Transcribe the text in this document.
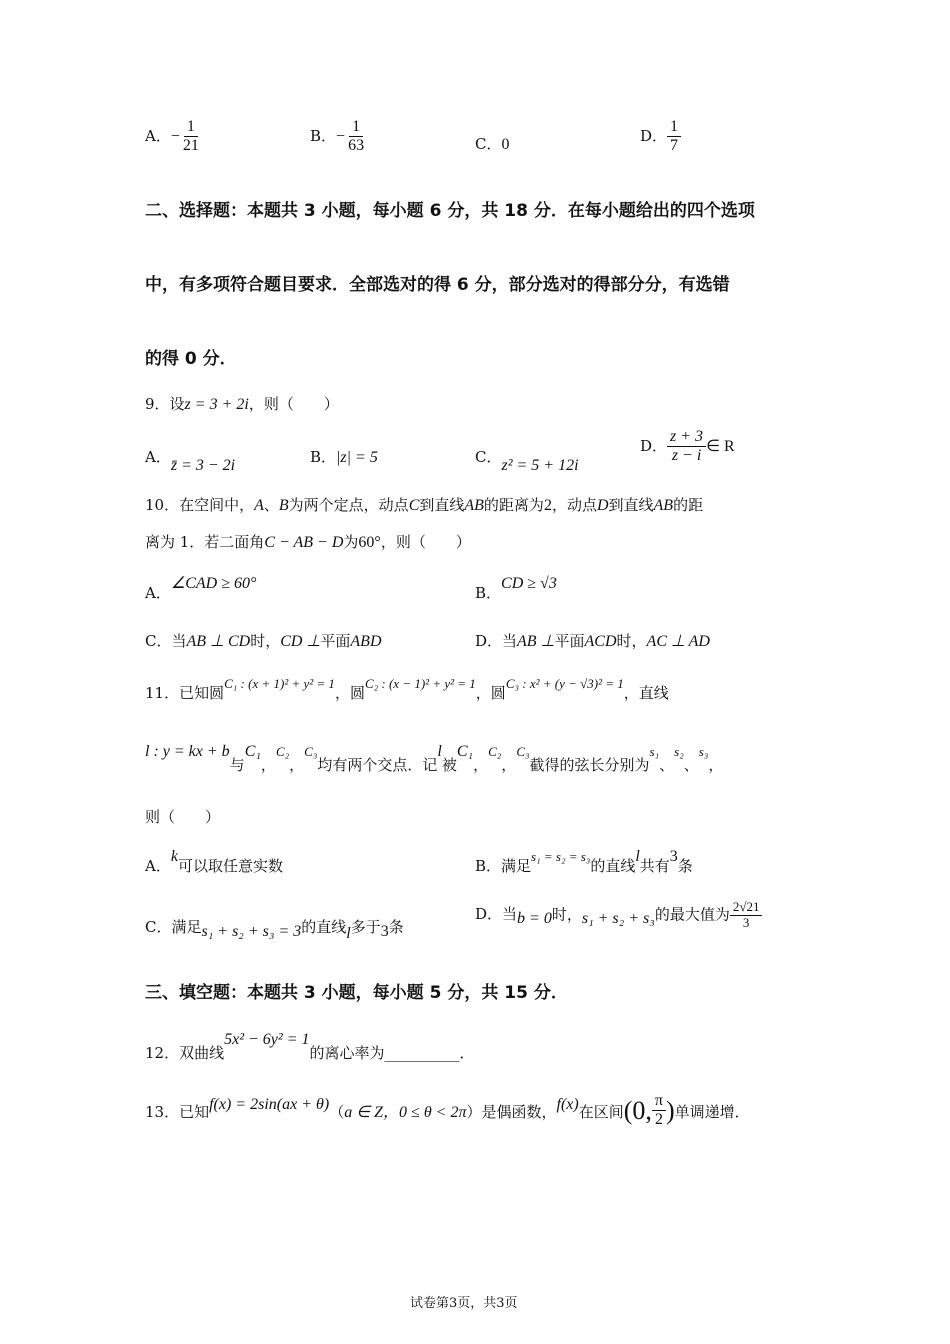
A．− $\frac{1}{21}$	B．− $\frac{1}{63}$	C．0	D． $\frac{1}{7}$
二、选择题：本题共 3 小题，每小题 6 分，共 18 分．在每小题给出的四个选项
中，有多项符合题目要求．全部选对的得 6 分，部分选对的得部分分，有选错
的得 0 分．
9．设z = 3 + 2i，则（　　）
A．z̄ = 3 − 2i	B．|z| = 5	C．z² = 5 + 12i
D． $\frac{z + 3}{z - i}$ ∈ R
10．在空间中，A、B为两个定点，动点C到直线AB的距离为2，动点D到直线AB的距
离为 1．若二面角C − AB − D为60°，则（　　）
A．∠CAD ≥ 60°
B．CD ≥ √3
C．当AB ⊥ CD时，CD ⊥平面ABD	D．当AB ⊥平面ACD时，AC ⊥ AD
11．已知圆C₁ : (x + 1)² + y² = 1，圆C₂ : (x − 1)² + y² = 1，圆C₃ : x² + (y − √3)² = 1，直线
l : y = kx + b与C₁，C₂，C₃均有两个交点．记l被C₁，C₂，C₃截得的弦长分别为s₁、s₂、s₃，
则（　　）
A．k可以取任意实数	B．满足s₁ = s₂ = s₃的直线l共有3条
C．满足s₁ + s₂ + s₃ = 3的直线l多于3条
D．当b = 0时，s₁ + s₂ + s₃的最大值为 $\frac{2√21}{3}$
三、填空题：本题共 3 小题，每小题 5 分，共 15 分．
12．双曲线5x² − 6y² = 1的离心率为__________．
13．已知f(x) = 2sin(ax + θ)（a ∈ Z，0 ≤ θ < 2π）是偶函数，f(x)在区间(0, $\frac{\pi}{2}$ )单调递增．
试卷第3页，共3页
